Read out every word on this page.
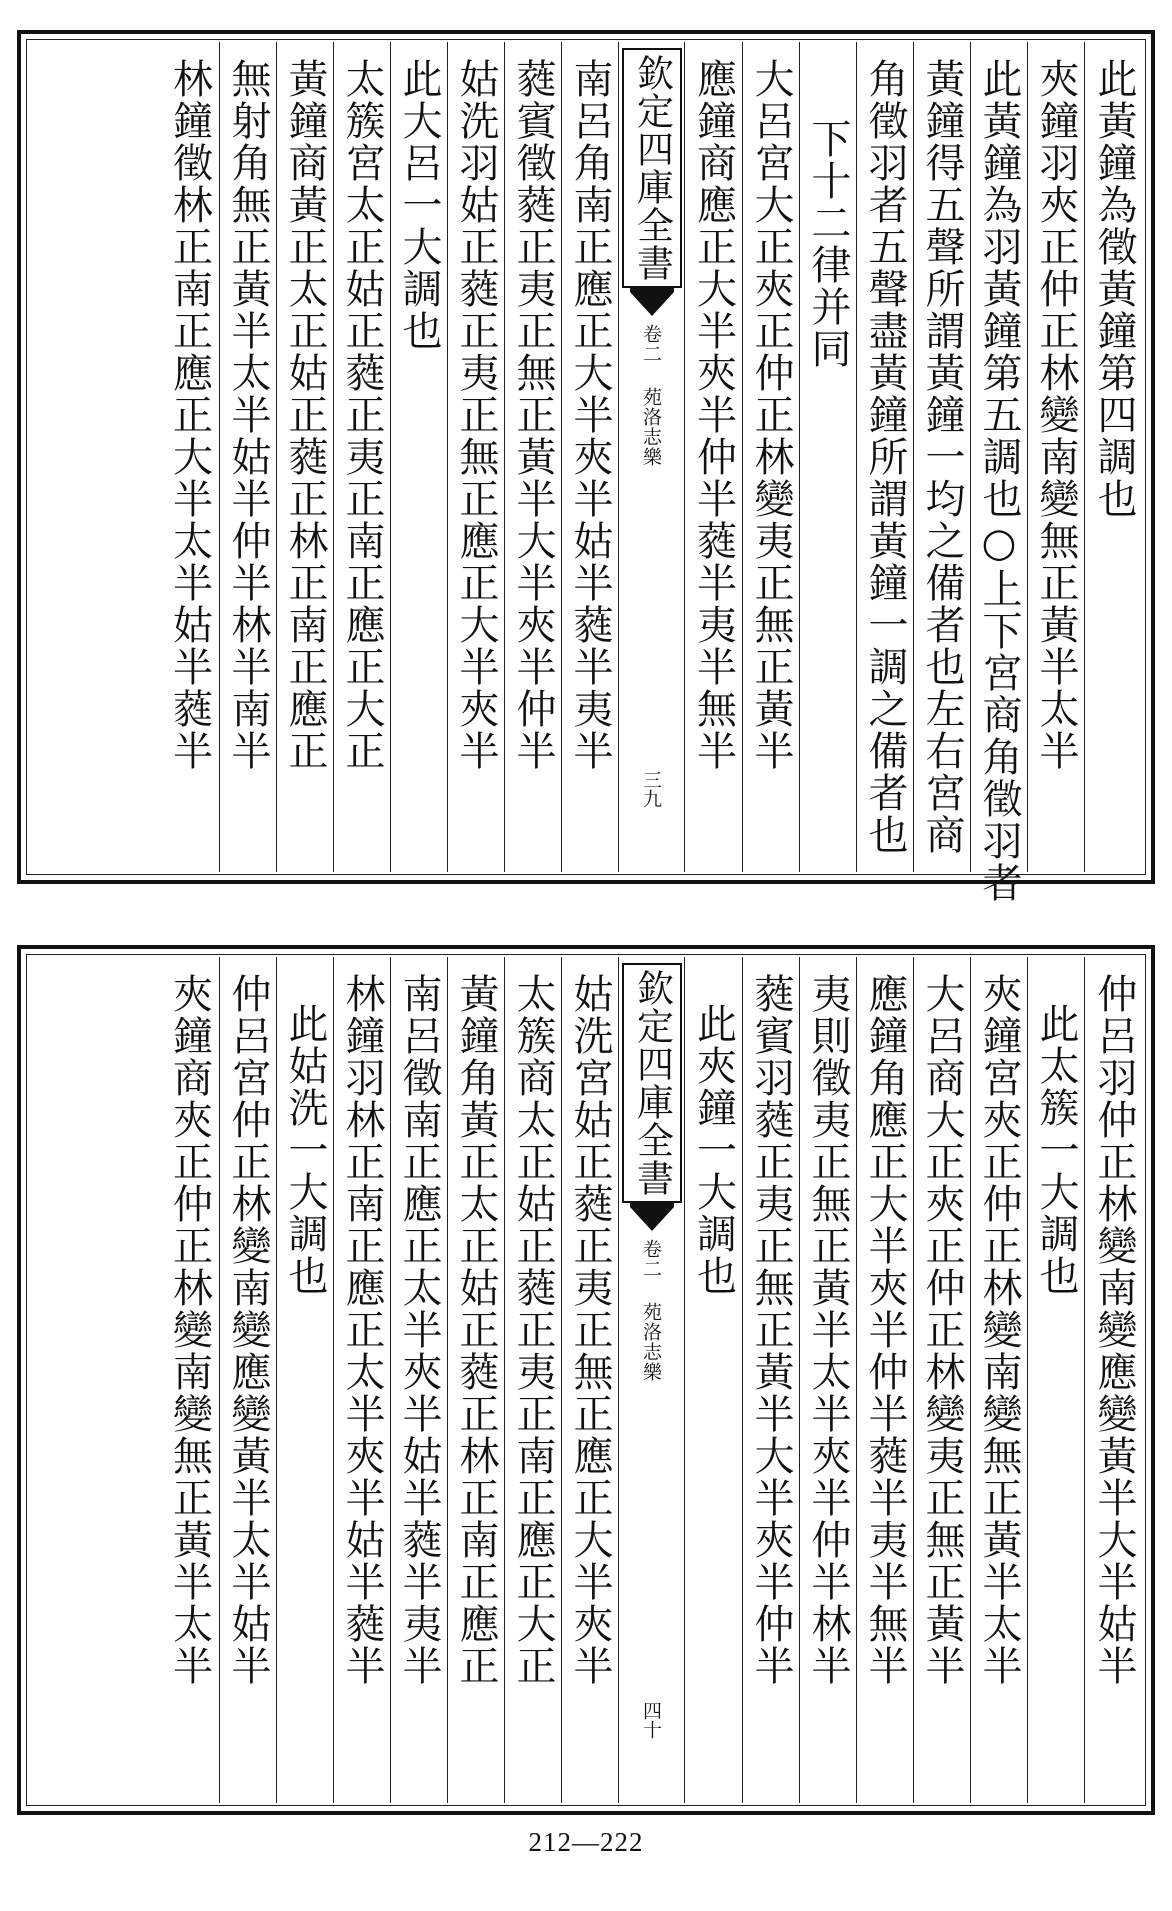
此黃鐘為徵黃鐘第四調也
夾鐘羽夾正仲正林變南變無正黃半太半
此黃鐘為羽黃鐘第五調也○上下宮商角徵羽者
黃鐘得五聲所謂黃鐘一均之備者也左右宮商
角徵羽者五聲盡黃鐘所謂黃鐘一調之備者也
下十二律并同
大呂宮大正夾正仲正林變夷正無正黃半
應鐘商應正大半夾半仲半蕤半夷半無半
欽定四庫全書
卷二 苑洛志樂
三九
南呂角南正應正大半夾半姑半蕤半夷半
蕤賓徵蕤正夷正無正黃半大半夾半仲半
姑洗羽姑正蕤正夷正無正應正大半夾半
此大呂一大調也
太簇宮太正姑正蕤正夷正南正應正大正
黃鐘商黃正太正姑正蕤正林正南正應正
無射角無正黃半太半姑半仲半林半南半
林鐘徵林正南正應正大半太半姑半蕤半
仲呂羽仲正林變南變應變黃半大半姑半
此太簇一大調也
夾鐘宮夾正仲正林變南變無正黃半太半
大呂商大正夾正仲正林變夷正無正黃半
應鐘角應正大半夾半仲半蕤半夷半無半
夷則徵夷正無正黃半太半夾半仲半林半
蕤賓羽蕤正夷正無正黃半大半夾半仲半
此夾鐘一大調也
欽定四庫全書
卷二 苑洛志樂
四十
姑洗宮姑正蕤正夷正無正應正大半夾半
太簇商太正姑正蕤正夷正南正應正大正
黃鐘角黃正太正姑正蕤正林正南正應正
南呂徵南正應正太半夾半姑半蕤半夷半
林鐘羽林正南正應正太半夾半姑半蕤半
此姑洗一大調也
仲呂宮仲正林變南變應變黃半太半姑半
夾鐘商夾正仲正林變南變無正黃半太半
212—222
